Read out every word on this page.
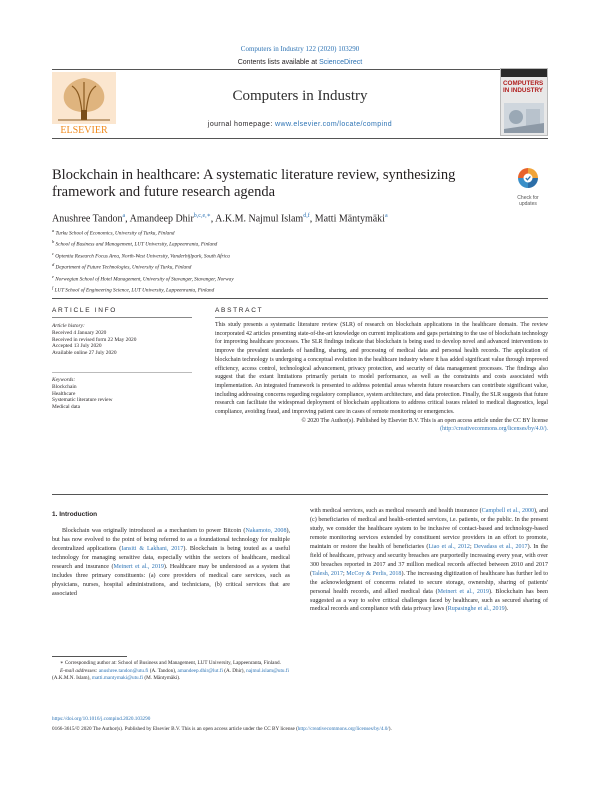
Computers in Industry 122 (2020) 103290
ELSEVIER
Contents lists available at ScienceDirect
Computers in Industry
journal homepage: www.elsevier.com/locate/compind
COMPUTERS IN INDUSTRY
Blockchain in healthcare: A systematic literature review, synthesizing
framework and future research agenda	Check for
updates
Anushree Tandon$^a$, Amandeep Dhir$^{b,c,e,∗}$, A.K.M. Najmul Islam$^{d,f}$, Matti Mäntymäki$^a$
$^a$ Turku School of Economics, University of Turku, Finland
$^b$ School of Business and Management, LUT University, Lappeenranta, Finland
$^c$ Optentia Research Focus Area, North-West University, Vanderbijlpark, South Africa
$^d$ Department of Future Technologies, University of Turku, Finland
$^e$ Norwegian School of Hotel Management, University of Stavanger, Stavanger, Norway
$^f$ LUT School of Engineering Science, LUT University, Lappeenranta, Finland
ARTICLE INFO	ABSTRACT
Article history:
Received 4 January 2020
Received in revised form 22 May 2020
Accepted 13 July 2020
Available online 27 July 2020
Keywords:
Blockchain
Healthcare
Systematic literature review
Medical data
This study presents a systematic literature review (SLR) of research on blockchain applications in the healthcare domain. The review incorporated 42 articles presenting state-of-the-art knowledge on current implications and gaps pertaining to the use of blockchain technology for improving healthcare processes. The SLR findings indicate that blockchain is being used to develop novel and advanced interventions to improve the prevalent standards of handling, sharing, and processing of medical data and personal health records. The application of blockchain technology is undergoing a conceptual evolution in the healthcare industry where it has added significant value through improved efficiency, access control, technological advancement, privacy protection, and security of data management processes. The findings also suggest that the extant limitations primarily pertain to model performance, as well as the constraints and costs associated with implementation. An integrated framework is presented to address potential areas wherein future researchers can contribute significant value, including addressing concerns regarding regulatory compliance, system architecture, and data protection. Finally, the SLR suggests that future research can facilitate the widespread deployment of blockchain applications to address critical issues related to medical diagnostics, legal compliance, avoiding fraud, and improving patient care in cases of remote monitoring or emergencies.
© 2020 The Author(s). Published by Elsevier B.V. This is an open access article under the CC BY license (http://creativecommons.org/licenses/by/4.0/).
1. Introduction
Blockchain was originally introduced as a mechanism to power Bitcoin (Nakamoto, 2008), but has now evolved to the point of being referred to as a foundational technology for multiple decentralized applications (Iansiti & Lakhani, 2017). Blockchain is being touted as a useful technology for managing sensitive data, especially within the sectors of healthcare, medical research and insurance (Meinert et al., 2019). Healthcare may be understood as a system that includes three primary constituents: (a) core providers of medical care services, such as physicians, nurses, hospital administrations, and technicians, (b) critical services that are associated
with medical services, such as medical research and health insurance (Campbell et al., 2000), and (c) beneficiaries of medical and health-oriented services, i.e. patients, or the public. In the present study, we consider the healthcare system to be inclusive of contact-based and technology-based remote monitoring services extended by constituent service providers in an effort to promote, maintain or restore the health of beneficiaries (Liao et al., 2012; Devadass et al., 2017). In the field of healthcare, privacy and security breaches are purportedly increasing every year, with over 300 breaches reported in 2017 and 37 million medical records affected between 2010 and 2017 (Talesh, 2017; McCoy & Perlis, 2018). The increasing digitization of healthcare has further led to the acknowledgment of concerns related to secure storage, ownership, sharing of patients' personal health records, and allied medical data (Meinert et al., 2019). Blockchain has been suggested as a way to solve critical challenges faced by healthcare, such as secured sharing of medical records and compliance with data privacy laws (Rupasinghe et al., 2019).
∗ Corresponding author at: School of Business and Management, LUT University, Lappeenranta, Finland.
E-mail addresses: anushree.tandon@utu.fi (A. Tandon), amandeep.dhir@lut.fi (A. Dhir), najmul.islam@utu.fi (A.K.M.N. Islam), matti.mantymaki@utu.fi (M. Mäntymäki).
https://doi.org/10.1016/j.compind.2020.103290
0166-3615/© 2020 The Author(s). Published by Elsevier B.V. This is an open access article under the CC BY license (http://creativecommons.org/licenses/by/4.0/).
